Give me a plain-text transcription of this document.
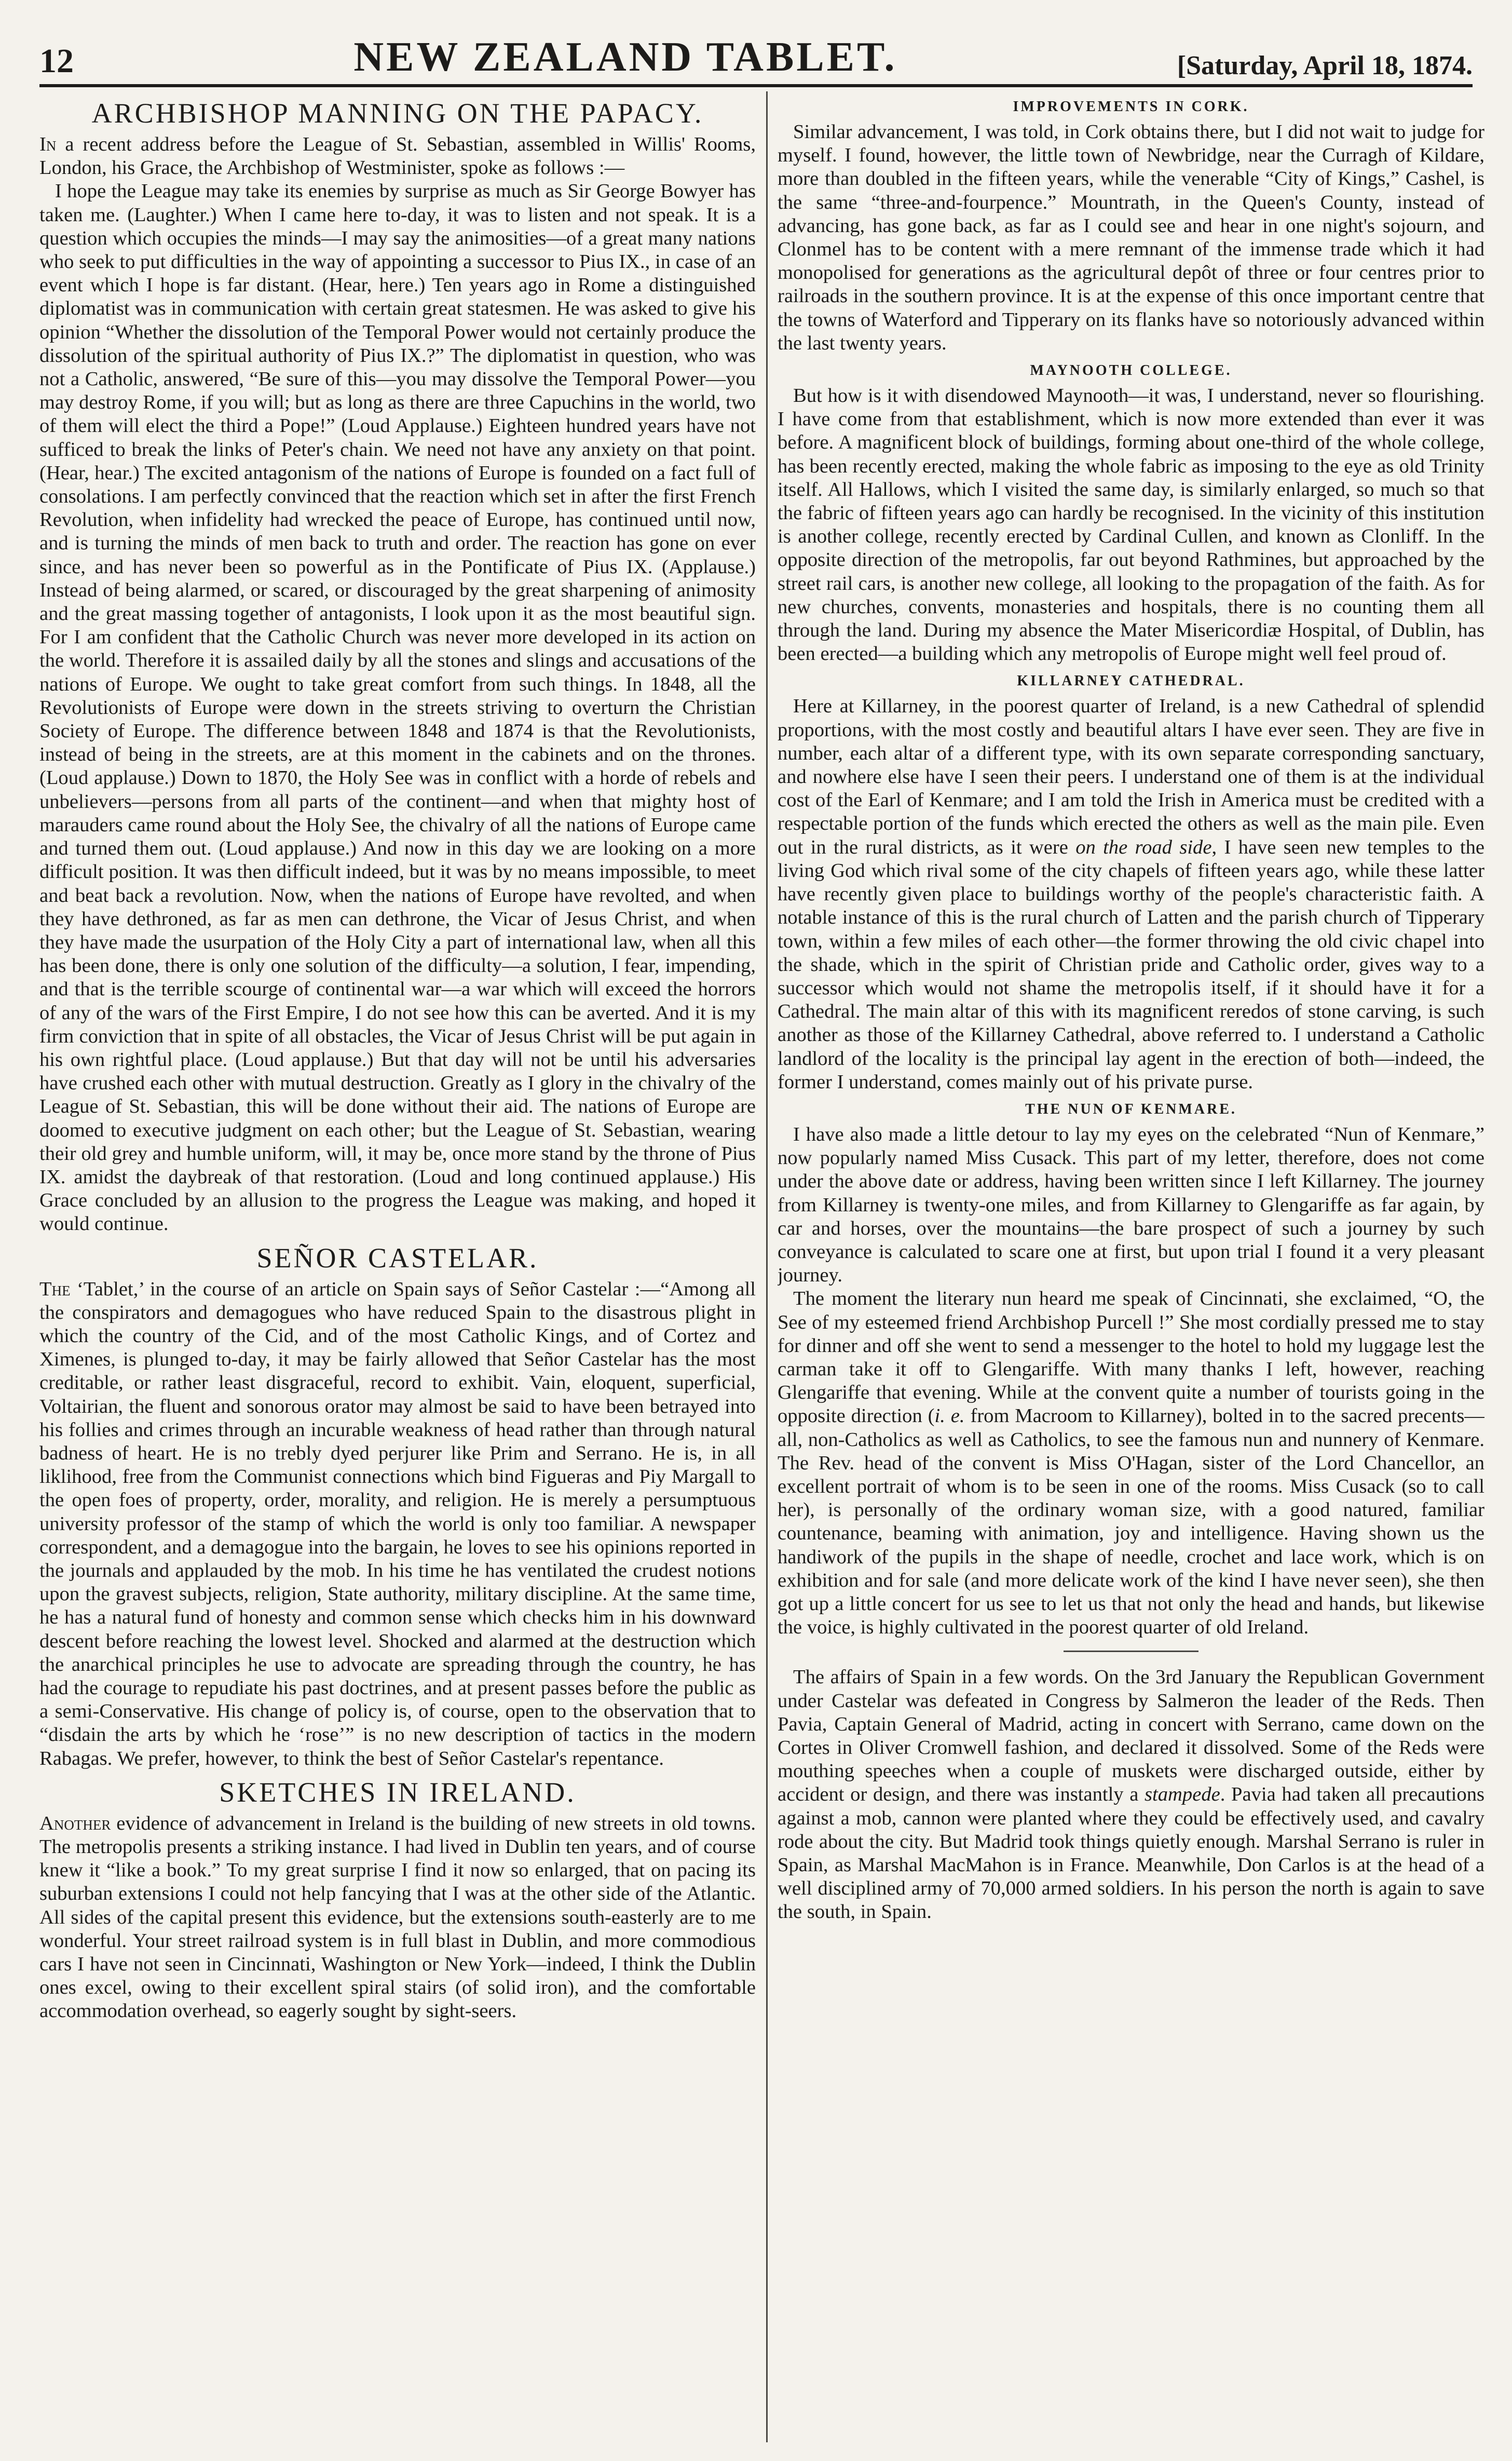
12	NEW ZEALAND TABLET.	[Saturday, April 18, 1874.
ARCHBISHOP MANNING ON THE PAPACY.

In a recent address before the League of St. Sebastian, assembled in Willis' Rooms, London, his Grace, the Archbishop of Westminister, spoke as follows :—

I hope the League may take its enemies by surprise as much as Sir George Bowyer has taken me. (Laughter.) When I came here to-day, it was to listen and not speak. It is a question which occupies the minds—I may say the animosities—of a great many nations who seek to put difficulties in the way of appointing a successor to Pius IX., in case of an event which I hope is far distant. (Hear, here.) Ten years ago in Rome a distinguished diplomatist was in communication with certain great statesmen. He was asked to give his opinion “Whether the dissolution of the Temporal Power would not certainly produce the dissolution of the spiritual authority of Pius IX.?” The diplomatist in question, who was not a Catholic, answered, “Be sure of this—you may dissolve the Temporal Power—you may destroy Rome, if you will; but as long as there are three Capuchins in the world, two of them will elect the third a Pope!” (Loud Applause.) Eighteen hundred years have not sufficed to break the links of Peter's chain. We need not have any anxiety on that point. (Hear, hear.) The excited antagonism of the nations of Europe is founded on a fact full of consolations. I am perfectly convinced that the reaction which set in after the first French Revolution, when infidelity had wrecked the peace of Europe, has continued until now, and is turning the minds of men back to truth and order. The reaction has gone on ever since, and has never been so powerful as in the Pontificate of Pius IX. (Applause.) Instead of being alarmed, or scared, or discouraged by the great sharpening of animosity and the great massing together of antagonists, I look upon it as the most beautiful sign. For I am confident that the Catholic Church was never more developed in its action on the world. Therefore it is assailed daily by all the stones and slings and accusations of the nations of Europe. We ought to take great comfort from such things. In 1848, all the Revolutionists of Europe were down in the streets striving to overturn the Christian Society of Europe. The difference between 1848 and 1874 is that the Revolutionists, instead of being in the streets, are at this moment in the cabinets and on the thrones. (Loud applause.) Down to 1870, the Holy See was in conflict with a horde of rebels and unbelievers—persons from all parts of the continent—and when that mighty host of marauders came round about the Holy See, the chivalry of all the nations of Europe came and turned them out. (Loud applause.) And now in this day we are looking on a more difficult position. It was then difficult indeed, but it was by no means impossible, to meet and beat back a revolution. Now, when the nations of Europe have revolted, and when they have dethroned, as far as men can dethrone, the Vicar of Jesus Christ, and when they have made the usurpation of the Holy City a part of international law, when all this has been done, there is only one solution of the difficulty—a solution, I fear, impending, and that is the terrible scourge of continental war—a war which will exceed the horrors of any of the wars of the First Empire, I do not see how this can be averted. And it is my firm conviction that in spite of all obstacles, the Vicar of Jesus Christ will be put again in his own rightful place. (Loud applause.) But that day will not be until his adversaries have crushed each other with mutual destruction. Greatly as I glory in the chivalry of the League of St. Sebastian, this will be done without their aid. The nations of Europe are doomed to executive judgment on each other; but the League of St. Sebastian, wearing their old grey and humble uniform, will, it may be, once more stand by the throne of Pius IX. amidst the daybreak of that restoration. (Loud and long continued applause.) His Grace concluded by an allusion to the progress the League was making, and hoped it would continue.

SEÑOR CASTELAR.

The ‘Tablet,’ in the course of an article on Spain says of Señor Castelar :—“Among all the conspirators and demagogues who have reduced Spain to the disastrous plight in which the country of the Cid, and of the most Catholic Kings, and of Cortez and Ximenes, is plunged to-day, it may be fairly allowed that Señor Castelar has the most creditable, or rather least disgraceful, record to exhibit. Vain, eloquent, superficial, Voltairian, the fluent and sonorous orator may almost be said to have been betrayed into his follies and crimes through an incurable weakness of head rather than through natural badness of heart. He is no trebly dyed perjurer like Prim and Serrano. He is, in all liklihood, free from the Communist connections which bind Figueras and Piy Margall to the open foes of property, order, morality, and religion. He is merely a persumptuous university professor of the stamp of which the world is only too familiar. A newspaper correspondent, and a demagogue into the bargain, he loves to see his opinions reported in the journals and applauded by the mob. In his time he has ventilated the crudest notions upon the gravest subjects, religion, State authority, military discipline. At the same time, he has a natural fund of honesty and common sense which checks him in his downward descent before reaching the lowest level. Shocked and alarmed at the destruction which the anarchical principles he use to advocate are spreading through the country, he has had the courage to repudiate his past doctrines, and at present passes before the public as a semi-Conservative. His change of policy is, of course, open to the observation that to “disdain the arts by which he ‘rose’” is no new description of tactics in the modern Rabagas. We prefer, however, to think the best of Señor Castelar's repentance.

SKETCHES IN IRELAND.

Another evidence of advancement in Ireland is the building of new streets in old towns. The metropolis presents a striking instance. I had lived in Dublin ten years, and of course knew it “like a book.” To my great surprise I find it now so enlarged, that on pacing its suburban extensions I could not help fancying that I was at the other side of the Atlantic. All sides of the capital present this evidence, but the extensions south-easterly are to me wonderful. Your street railroad system is in full blast in Dublin, and more commodious cars I have not seen in Cincinnati, Washington or New York—indeed, I think the Dublin ones excel, owing to their excellent spiral stairs (of solid iron), and the comfortable accommodation overhead, so eagerly sought by sight-seers.

IMPROVEMENTS IN CORK.

Similar advancement, I was told, in Cork obtains there, but I did not wait to judge for myself. I found, however, the little town of Newbridge, near the Curragh of Kildare, more than doubled in the fifteen years, while the venerable “City of Kings,” Cashel, is the same “three-and-fourpence.” Mountrath, in the Queen's County, instead of advancing, has gone back, as far as I could see and hear in one night's sojourn, and Clonmel has to be content with a mere remnant of the immense trade which it had monopolised for generations as the agricultural depôt of three or four centres prior to railroads in the southern province. It is at the expense of this once important centre that the towns of Waterford and Tipperary on its flanks have so notoriously advanced within the last twenty years.

MAYNOOTH COLLEGE.

But how is it with disendowed Maynooth—it was, I understand, never so flourishing. I have come from that establishment, which is now more extended than ever it was before. A magnificent block of buildings, forming about one-third of the whole college, has been recently erected, making the whole fabric as imposing to the eye as old Trinity itself. All Hallows, which I visited the same day, is similarly enlarged, so much so that the fabric of fifteen years ago can hardly be recognised. In the vicinity of this institution is another college, recently erected by Cardinal Cullen, and known as Clonliff. In the opposite direction of the metropolis, far out beyond Rathmines, but approached by the street rail cars, is another new college, all looking to the propagation of the faith. As for new churches, convents, monasteries and hospitals, there is no counting them all through the land. During my absence the Mater Misericordiæ Hospital, of Dublin, has been erected—a building which any metropolis of Europe might well feel proud of.

KILLARNEY CATHEDRAL.

Here at Killarney, in the poorest quarter of Ireland, is a new Cathedral of splendid proportions, with the most costly and beautiful altars I have ever seen. They are five in number, each altar of a different type, with its own separate corresponding sanctuary, and nowhere else have I seen their peers. I understand one of them is at the individual cost of the Earl of Kenmare; and I am told the Irish in America must be credited with a respectable portion of the funds which erected the others as well as the main pile. Even out in the rural districts, as it were on the road side, I have seen new temples to the living God which rival some of the city chapels of fifteen years ago, while these latter have recently given place to buildings worthy of the people's characteristic faith. A notable instance of this is the rural church of Latten and the parish church of Tipperary town, within a few miles of each other—the former throwing the old civic chapel into the shade, which in the spirit of Christian pride and Catholic order, gives way to a successor which would not shame the metropolis itself, if it should have it for a Cathedral. The main altar of this with its magnificent reredos of stone carving, is such another as those of the Killarney Cathedral, above referred to. I understand a Catholic landlord of the locality is the principal lay agent in the erection of both—indeed, the former I understand, comes mainly out of his private purse.

THE NUN OF KENMARE.

I have also made a little detour to lay my eyes on the celebrated “Nun of Kenmare,” now popularly named Miss Cusack. This part of my letter, therefore, does not come under the above date or address, having been written since I left Killarney. The journey from Killarney is twenty-one miles, and from Killarney to Glengariffe as far again, by car and horses, over the mountains—the bare prospect of such a journey by such conveyance is calculated to scare one at first, but upon trial I found it a very pleasant journey.

The moment the literary nun heard me speak of Cincinnati, she exclaimed, “O, the See of my esteemed friend Archbishop Purcell !” She most cordially pressed me to stay for dinner and off she went to send a messenger to the hotel to hold my luggage lest the carman take it off to Glengariffe. With many thanks I left, however, reaching Glengariffe that evening. While at the convent quite a number of tourists going in the opposite direction (i. e. from Macroom to Killarney), bolted in to the sacred precents—all, non-Catholics as well as Catholics, to see the famous nun and nunnery of Kenmare. The Rev. head of the convent is Miss O'Hagan, sister of the Lord Chancellor, an excellent portrait of whom is to be seen in one of the rooms. Miss Cusack (so to call her), is personally of the ordinary woman size, with a good natured, familiar countenance, beaming with animation, joy and intelligence. Having shown us the handiwork of the pupils in the shape of needle, crochet and lace work, which is on exhibition and for sale (and more delicate work of the kind I have never seen), she then got up a little concert for us see to let us that not only the head and hands, but likewise the voice, is highly cultivated in the poorest quarter of old Ireland.

The affairs of Spain in a few words. On the 3rd January the Republican Government under Castelar was defeated in Congress by Salmeron the leader of the Reds. Then Pavia, Captain General of Madrid, acting in concert with Serrano, came down on the Cortes in Oliver Cromwell fashion, and declared it dissolved. Some of the Reds were mouthing speeches when a couple of muskets were discharged outside, either by accident or design, and there was instantly a stampede. Pavia had taken all precautions against a mob, cannon were planted where they could be effectively used, and cavalry rode about the city. But Madrid took things quietly enough. Marshal Serrano is ruler in Spain, as Marshal MacMahon is in France. Meanwhile, Don Carlos is at the head of a well disciplined army of 70,000 armed soldiers. In his person the north is again to save the south, in Spain.
